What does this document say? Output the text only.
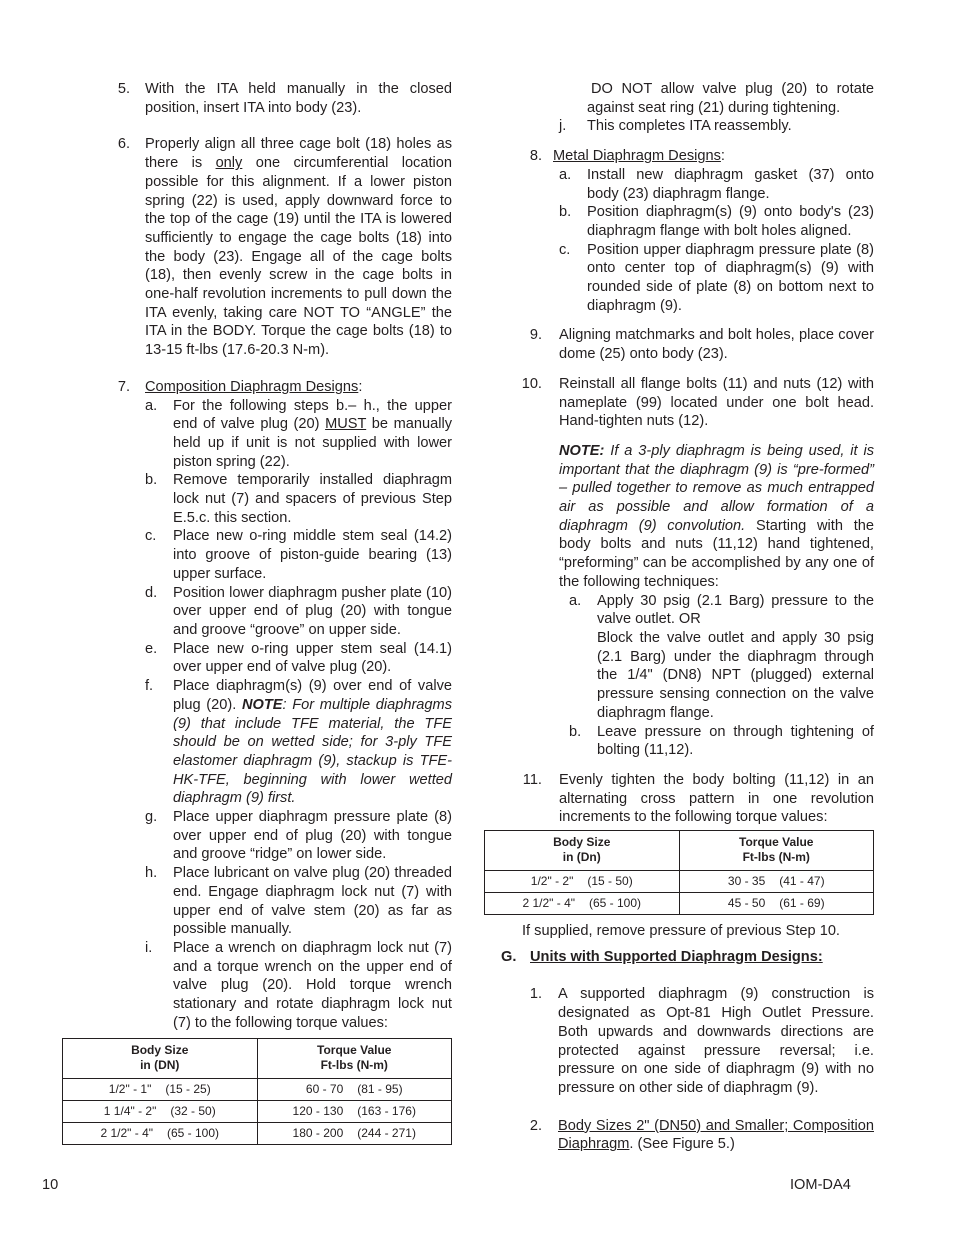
5. With the ITA held manually in the closed position, insert ITA into body (23).
6. Properly align all three cage bolt (18) holes as there is only one circumferential location possible for this alignment. If a lower piston spring (22) is used, apply downward force to the top of the cage (19) until the ITA is lowered sufficiently to engage the cage bolts (18) into the body (23). Engage all of the cage bolts (18), then evenly screw in the cage bolts in one-half revolution increments to pull down the ITA evenly, taking care NOT TO “ANGLE” the ITA in the BODY. Torque the cage bolts (18) to 13-15 ft-lbs (17.6-20.3 N-m).
7. Composition Diaphragm Designs:
a. For the following steps b.– h., the upper end of valve plug (20) MUST be manually held up if unit is not supplied with lower piston spring (22).
b. Remove temporarily installed diaphragm lock nut (7) and spacers of previous Step E.5.c. this section.
c. Place new o-ring middle stem seal (14.2) into groove of piston-guide bearing (13) upper surface.
d. Position lower diaphragm pusher plate (10) over upper end of plug (20) with tongue and groove “groove” on upper side.
e. Place new o-ring upper stem seal (14.1) over upper end of valve plug (20).
f. Place diaphragm(s) (9) over end of valve plug (20). NOTE: For multiple diaphragms (9) that include TFE material, the TFE should be on wetted side; for 3-ply TFE elastomer diaphragm (9), stackup is TFE-HK-TFE, beginning with lower wetted diaphragm (9) first.
g. Place upper diaphragm pressure plate (8) over upper end of plug (20) with tongue and groove “ridge” on lower side.
h. Place lubricant on valve plug (20) threaded end. Engage diaphragm lock nut (7) with upper end of valve stem (20) as far as possible manually.
i. Place a wrench on diaphragm lock nut (7) and a torque wrench on the upper end of valve plug (20). Hold torque wrench stationary and rotate diaphragm lock nut (7) to the following torque values:
Body Size
in (DN)	Torque Value
Ft-lbs (N-m)
1/2" - 1" (15 - 25)	60 - 70 (81 - 95)
1 1/4" - 2" (32 - 50)	120 - 130 (163 - 176)
2 1/2" - 4" (65 - 100)	180 - 200 (244 - 271)
DO NOT allow valve plug (20) to rotate against seat ring (21) during tightening.
j. This completes ITA reassembly.
8. Metal Diaphragm Designs:
a. Install new diaphragm gasket (37) onto body (23) diaphragm flange.
b. Position diaphragm(s) (9) onto body's (23) diaphragm flange with bolt holes aligned.
c. Position upper diaphragm pressure plate (8) onto center top of diaphragm(s) (9) with rounded side of plate (8) on bottom next to diaphragm (9).
9. Aligning matchmarks and bolt holes, place cover dome (25) onto body (23).
10. Reinstall all flange bolts (11) and nuts (12) with nameplate (99) located under one bolt head. Hand-tighten nuts (12).
NOTE: If a 3-ply diaphragm is being used, it is important that the diaphragm (9) is “pre-formed” – pulled together to remove as much entrapped air as possible and allow formation of a diaphragm (9) convolution. Starting with the body bolts and nuts (11,12) hand tightened, “preforming” can be accomplished by any one of the following techniques:
a. Apply 30 psig (2.1 Barg) pressure to the valve outlet. OR
Block the valve outlet and apply 30 psig (2.1 Barg) under the diaphragm through the 1/4" (DN8) NPT (plugged) external pressure sensing connection on the valve diaphragm flange.
b. Leave pressure on through tightening of bolting (11,12).
11. Evenly tighten the body bolting (11,12) in an alternating cross pattern in one revolution increments to the following torque values:
Body Size
in (Dn)	Torque Value
Ft-lbs (N-m)
1/2" - 2" (15 - 50)	30 - 35 (41 - 47)
2 1/2" - 4" (65 - 100)	45 - 50 (61 - 69)
If supplied, remove pressure of previous Step 10.
G. Units with Supported Diaphragm Designs:
1. A supported diaphragm (9) construction is designated as Opt-81 High Outlet Pressure. Both upwards and downwards directions are protected against pressure reversal; i.e. pressure on one side of diaphragm (9) with no pressure on other side of diaphragm (9).
2. Body Sizes 2" (DN50) and Smaller; Composition Diaphragm. (See Figure 5.)
10	IOM-DA4
